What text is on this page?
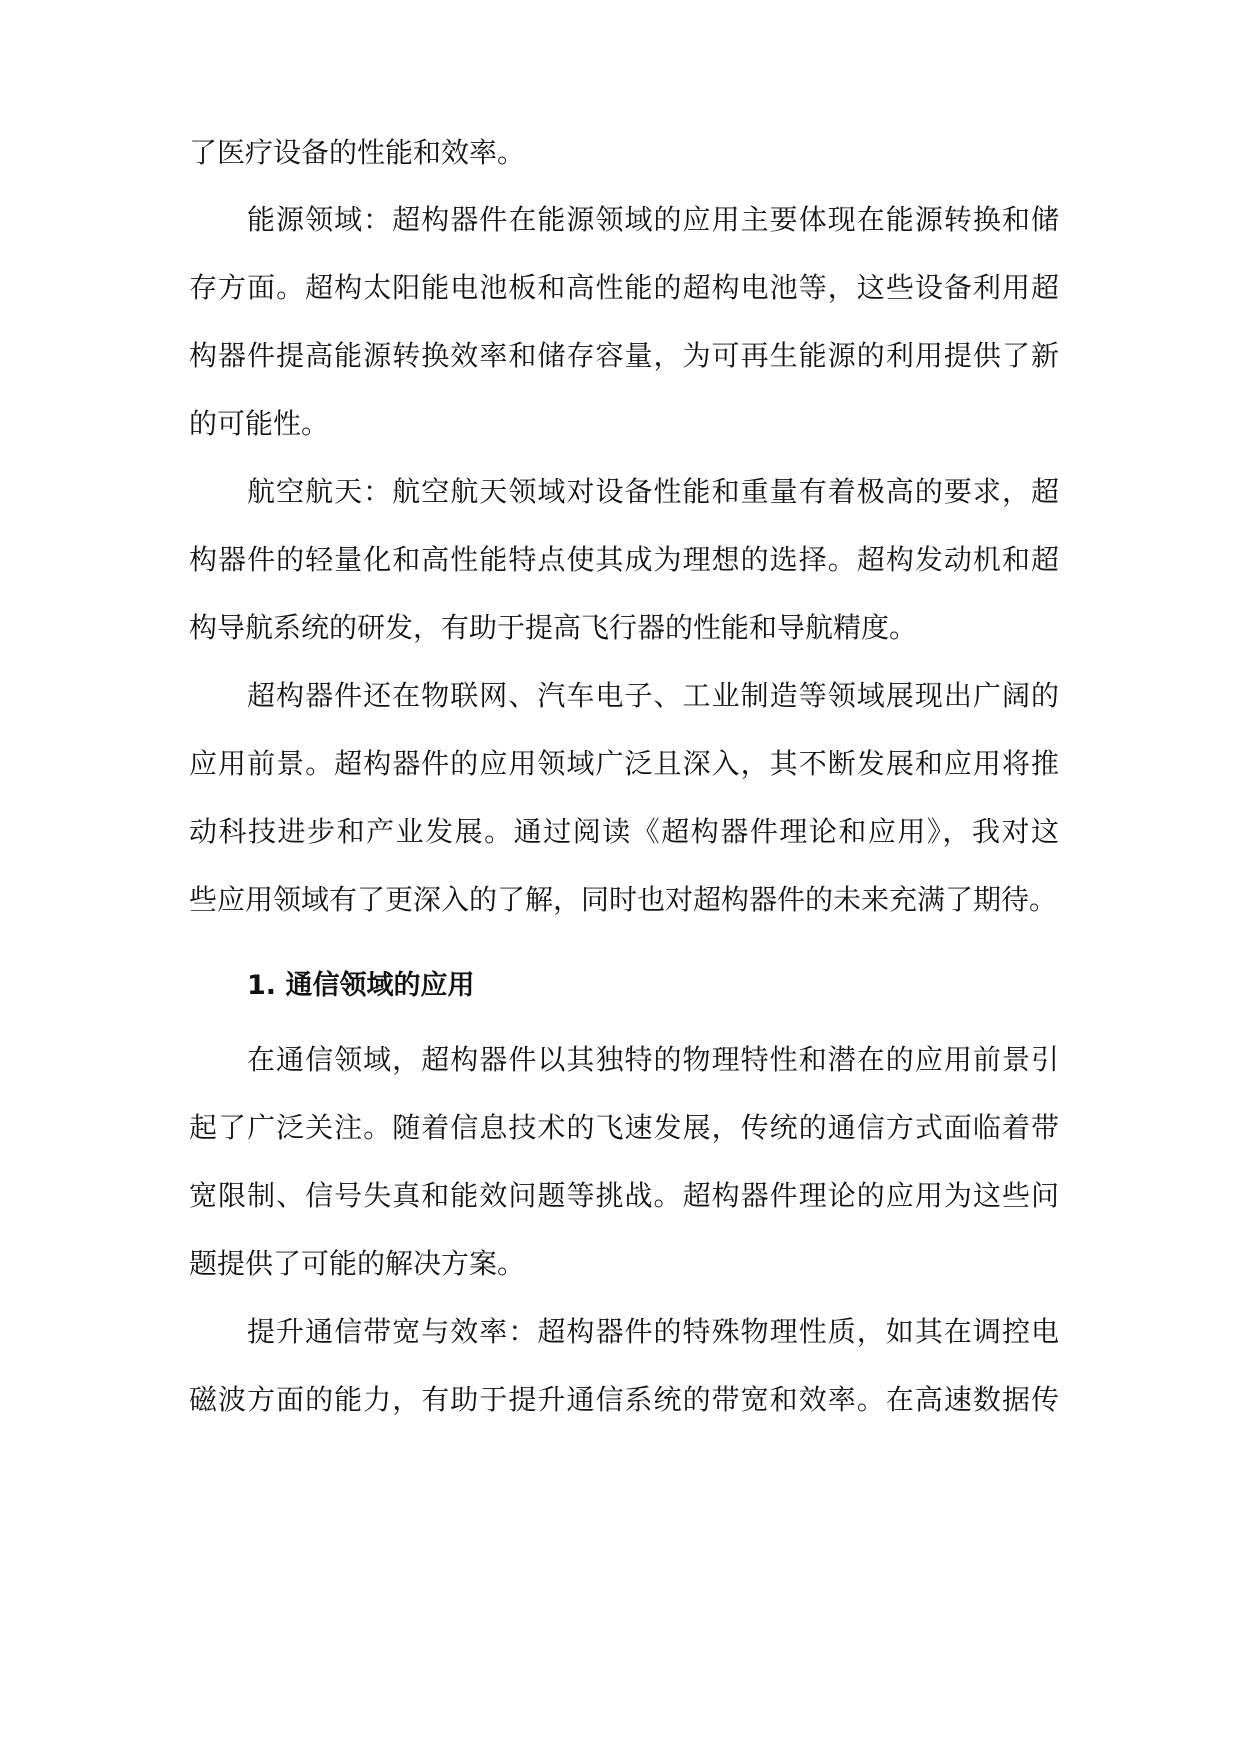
了医疗设备的性能和效率。
能源领域：超构器件在能源领域的应用主要体现在能源转换和储
存方面。超构太阳能电池板和高性能的超构电池等，这些设备利用超
构器件提高能源转换效率和储存容量，为可再生能源的利用提供了新
的可能性。
航空航天：航空航天领域对设备性能和重量有着极高的要求，超
构器件的轻量化和高性能特点使其成为理想的选择。超构发动机和超
构导航系统的研发，有助于提高飞行器的性能和导航精度。
超构器件还在物联网、汽车电子、工业制造等领域展现出广阔的
应用前景。超构器件的应用领域广泛且深入，其不断发展和应用将推
动科技进步和产业发展。通过阅读《超构器件理论和应用》，我对这
些应用领域有了更深入的了解，同时也对超构器件的未来充满了期待。
1. 通信领域的应用
在通信领域，超构器件以其独特的物理特性和潜在的应用前景引
起了广泛关注。随着信息技术的飞速发展，传统的通信方式面临着带
宽限制、信号失真和能效问题等挑战。超构器件理论的应用为这些问
题提供了可能的解决方案。
提升通信带宽与效率：超构器件的特殊物理性质，如其在调控电
磁波方面的能力，有助于提升通信系统的带宽和效率。在高速数据传
